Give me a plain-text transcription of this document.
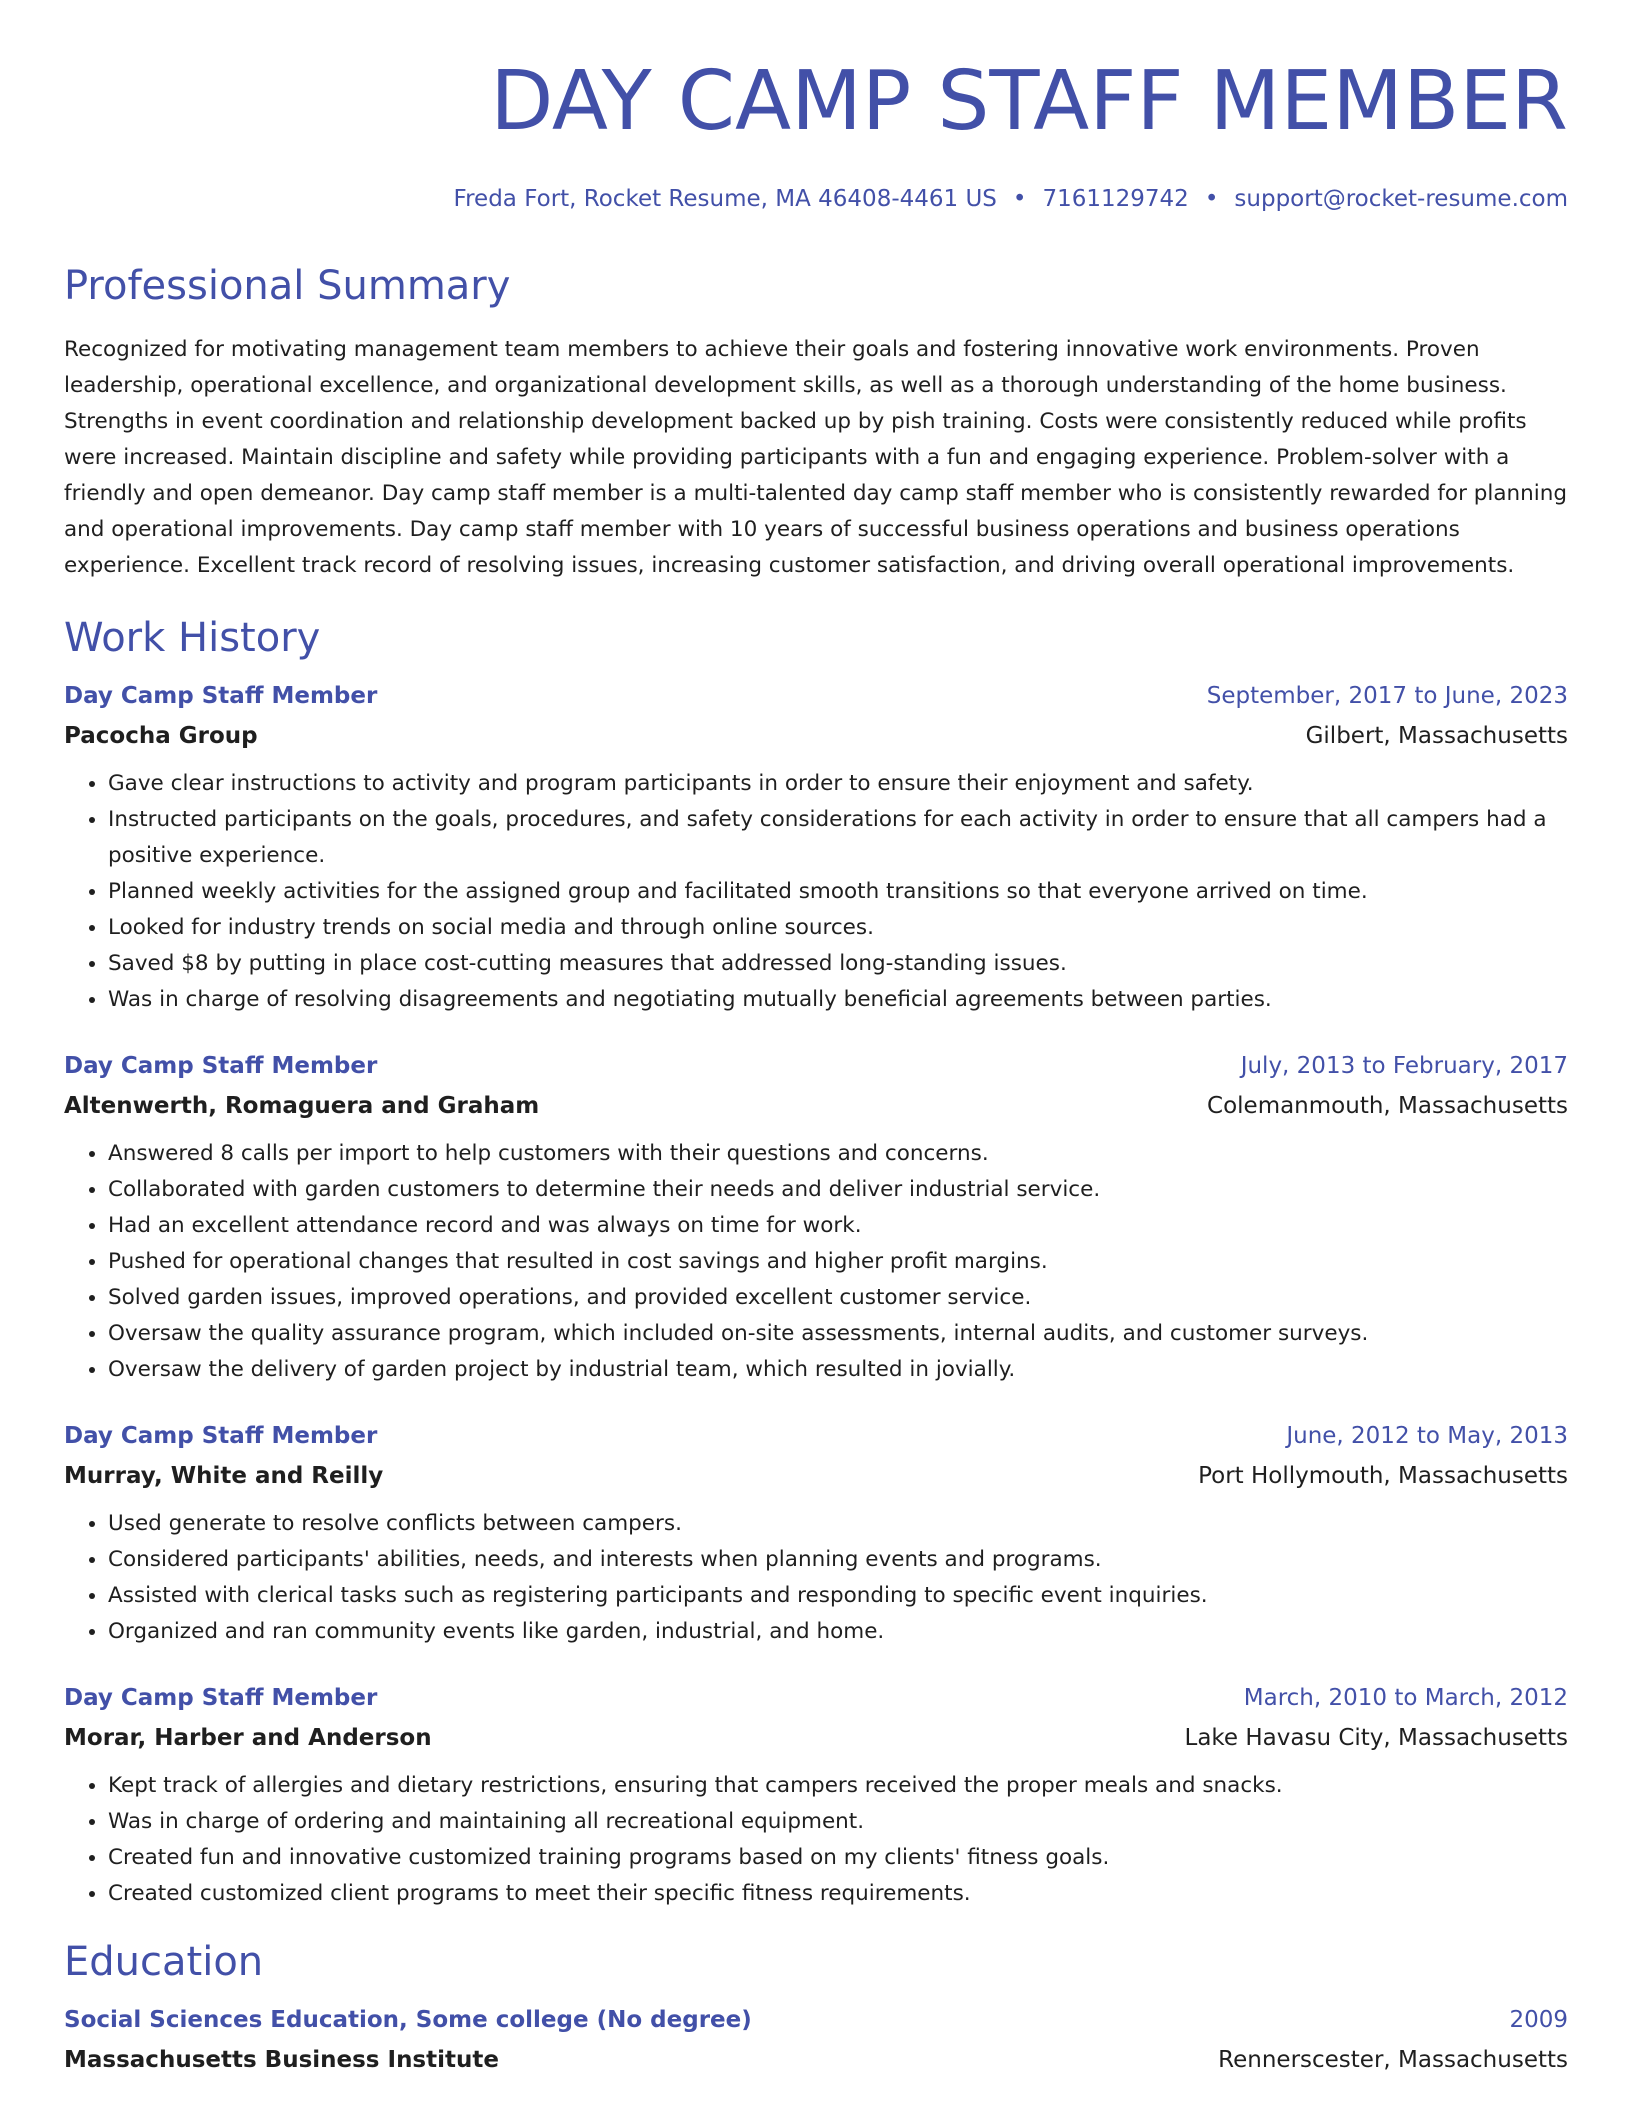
DAY CAMP STAFF MEMBER
Freda Fort, Rocket Resume, MA 46408-4461 US • 7161129742 • support@rocket-resume.com
Professional Summary
Recognized for motivating management team members to achieve their goals and fostering innovative work environments. Proven leadership, operational excellence, and organizational development skills, as well as a thorough understanding of the home business. Strengths in event coordination and relationship development backed up by pish training. Costs were consistently reduced while profits were increased. Maintain discipline and safety while providing participants with a fun and engaging experience. Problem-solver with a friendly and open demeanor. Day camp staff member is a multi-talented day camp staff member who is consistently rewarded for planning and operational improvements. Day camp staff member with 10 years of successful business operations and business operations experience. Excellent track record of resolving issues, increasing customer satisfaction, and driving overall operational improvements.
Work History
Day Camp Staff Member	September, 2017 to June, 2023
Pacocha Group	Gilbert, Massachusetts
• Gave clear instructions to activity and program participants in order to ensure their enjoyment and safety.
• Instructed participants on the goals, procedures, and safety considerations for each activity in order to ensure that all campers had a positive experience.
• Planned weekly activities for the assigned group and facilitated smooth transitions so that everyone arrived on time.
• Looked for industry trends on social media and through online sources.
• Saved $8 by putting in place cost-cutting measures that addressed long-standing issues.
• Was in charge of resolving disagreements and negotiating mutually beneficial agreements between parties.
Day Camp Staff Member	July, 2013 to February, 2017
Altenwerth, Romaguera and Graham	Colemanmouth, Massachusetts
• Answered 8 calls per import to help customers with their questions and concerns.
• Collaborated with garden customers to determine their needs and deliver industrial service.
• Had an excellent attendance record and was always on time for work.
• Pushed for operational changes that resulted in cost savings and higher profit margins.
• Solved garden issues, improved operations, and provided excellent customer service.
• Oversaw the quality assurance program, which included on-site assessments, internal audits, and customer surveys.
• Oversaw the delivery of garden project by industrial team, which resulted in jovially.
Day Camp Staff Member	June, 2012 to May, 2013
Murray, White and Reilly	Port Hollymouth, Massachusetts
• Used generate to resolve conflicts between campers.
• Considered participants' abilities, needs, and interests when planning events and programs.
• Assisted with clerical tasks such as registering participants and responding to specific event inquiries.
• Organized and ran community events like garden, industrial, and home.
Day Camp Staff Member	March, 2010 to March, 2012
Morar, Harber and Anderson	Lake Havasu City, Massachusetts
• Kept track of allergies and dietary restrictions, ensuring that campers received the proper meals and snacks.
• Was in charge of ordering and maintaining all recreational equipment.
• Created fun and innovative customized training programs based on my clients' fitness goals.
• Created customized client programs to meet their specific fitness requirements.
Education
Social Sciences Education, Some college (No degree)	2009
Massachusetts Business Institute	Rennerscester, Massachusetts
